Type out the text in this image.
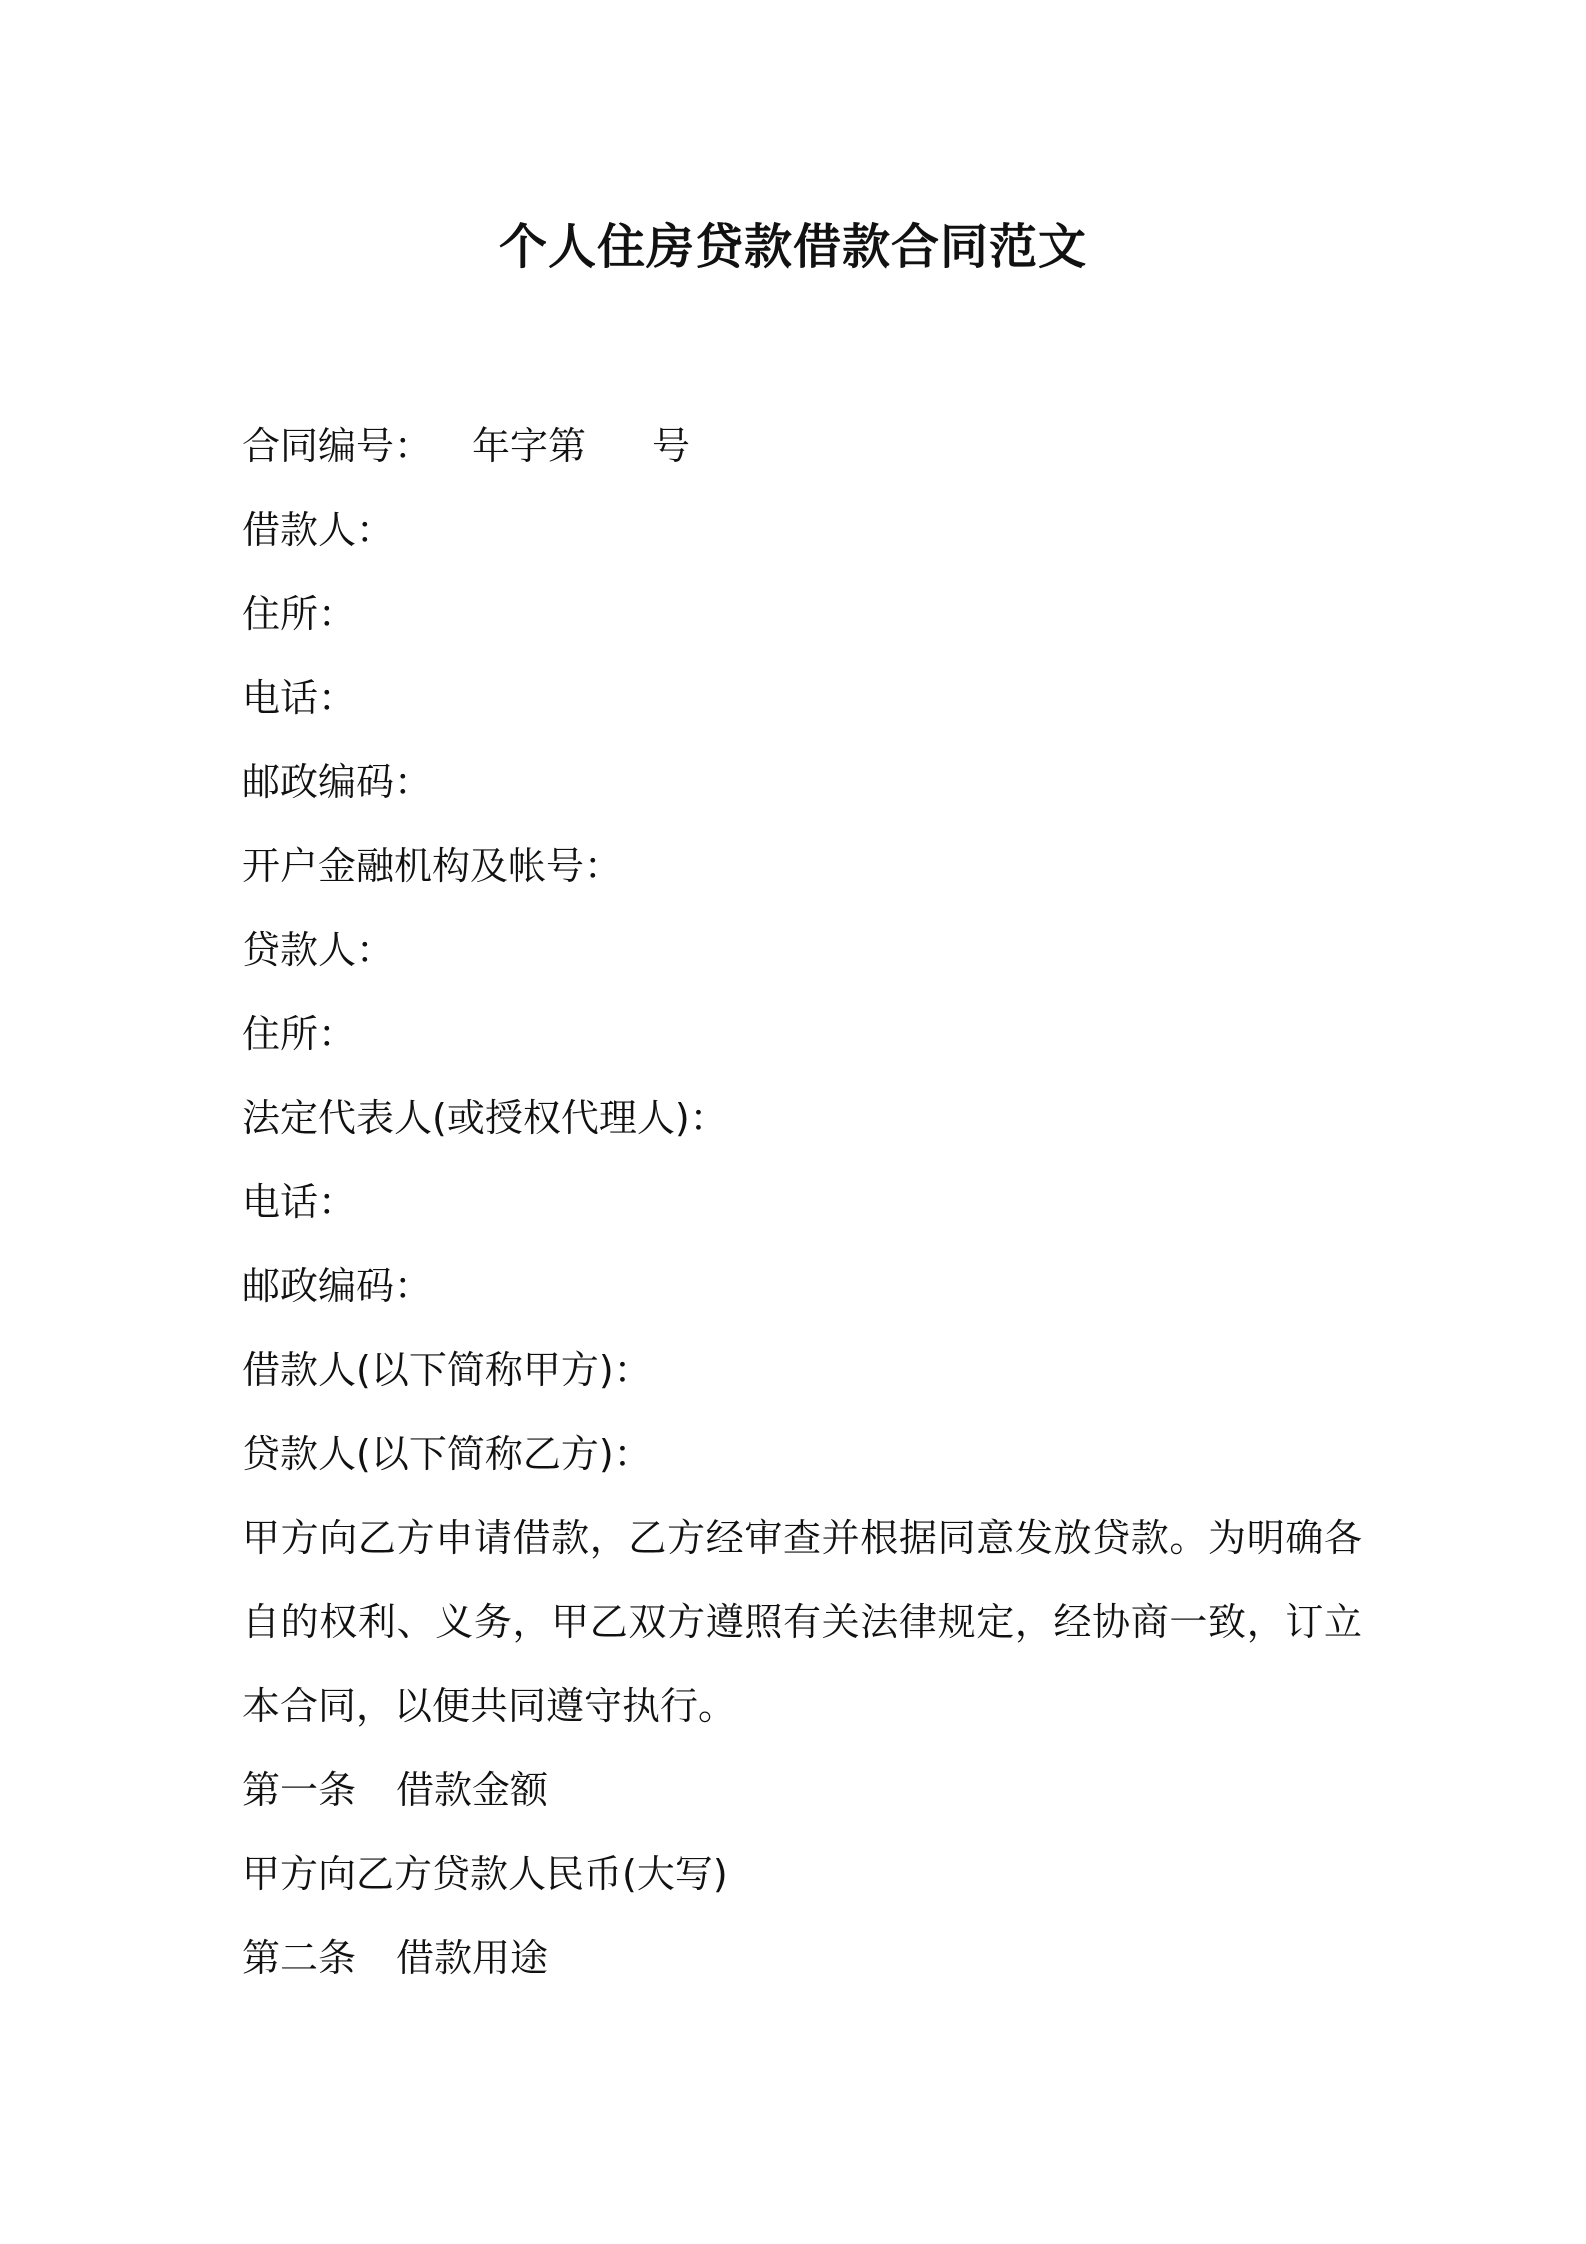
个人住房贷款借款合同范文
合同编号： 年字第 号
借款人：
住所：
电话：
邮政编码：
开户金融机构及帐号：
贷款人：
住所：
法定代表人(或授权代理人)：
电话：
邮政编码：
借款人(以下简称甲方)：
贷款人(以下简称乙方)：
甲方向乙方申请借款，乙方经审查并根据同意发放贷款。为明确各自的权利、义务，甲乙双方遵照有关法律规定，经协商一致，订立本合同，以便共同遵守执行。
第一条 借款金额
甲方向乙方贷款人民币(大写)
第二条 借款用途
